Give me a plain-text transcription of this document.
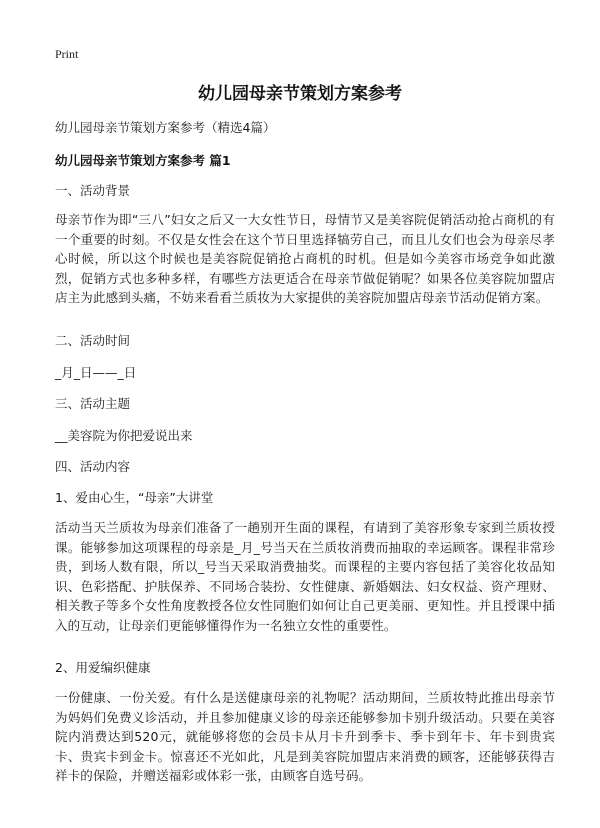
Print
幼儿园母亲节策划方案参考
幼儿园母亲节策划方案参考（精选4篇）
幼儿园母亲节策划方案参考 篇1
一、活动背景
母亲节作为即“三八”妇女之后又一大女性节日，母情节又是美容院促销活动抢占商机的有一个重要的时刻。不仅是女性会在这个节日里选择犒劳自己，而且儿女们也会为母亲尽孝心时候，所以这个时候也是美容院促销抢占商机的时机。但是如今美容市场竞争如此激烈，促销方式也多种多样，有哪些方法更适合在母亲节做促销呢？如果各位美容院加盟店店主为此感到头痛，不妨来看看兰质妆为大家提供的美容院加盟店母亲节活动促销方案。
二、活动时间
_月_日——_日
三、活动主题
__美容院为你把爱说出来
四、活动内容
1、爱由心生，“母亲”大讲堂
活动当天兰质妆为母亲们准备了一趟别开生面的课程，有请到了美容形象专家到兰质妆授课。能够参加这项课程的母亲是_月_号当天在兰质妆消费而抽取的幸运顾客。课程非常珍贵，到场人数有限，所以_号当天采取消费抽奖。而课程的主要内容包括了美容化妆品知识、色彩搭配、护肤保养、不同场合装扮、女性健康、新婚姻法、妇女权益、资产理财、相关教子等多个女性角度教授各位女性同胞们如何让自己更美丽、更知性。并且授课中插入的互动，让母亲们更能够懂得作为一名独立女性的重要性。
2、用爱编织健康
一份健康、一份关爱。有什么是送健康母亲的礼物呢？活动期间，兰质妆特此推出母亲节为妈妈们免费义诊活动，并且参加健康义诊的母亲还能够参加卡别升级活动。只要在美容院内消费达到520元，就能够将您的会员卡从月卡升到季卡、季卡到年卡、年卡到贵宾卡、贵宾卡到金卡。惊喜还不光如此，凡是到美容院加盟店来消费的顾客，还能够获得吉祥卡的保险，并赠送福彩或体彩一张，由顾客自选号码。
